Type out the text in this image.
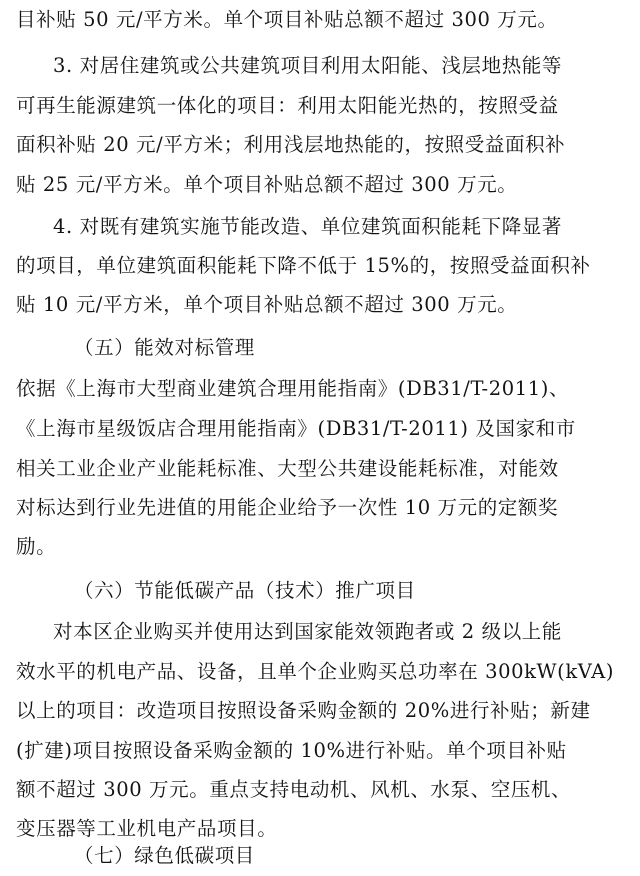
目补贴 50 元/平方米。单个项目补贴总额不超过 300 万元。
3. 对居住建筑或公共建筑项目利用太阳能、浅层地热能等
可再生能源建筑一体化的项目：利用太阳能光热的，按照受益
面积补贴 20 元/平方米；利用浅层地热能的，按照受益面积补
贴 25 元/平方米。单个项目补贴总额不超过 300 万元。
4. 对既有建筑实施节能改造、单位建筑面积能耗下降显著
的项目，单位建筑面积能耗下降不低于 15%的，按照受益面积补
贴 10 元/平方米，单个项目补贴总额不超过 300 万元。
（五）能效对标管理
依据《上海市大型商业建筑合理用能指南》(DB31/T-2011)、
《上海市星级饭店合理用能指南》(DB31/T-2011) 及国家和市
相关工业企业产业能耗标准、大型公共建设能耗标准，对能效
对标达到行业先进值的用能企业给予一次性 10 万元的定额奖
励。
（六）节能低碳产品（技术）推广项目
对本区企业购买并使用达到国家能效领跑者或 2 级以上能
效水平的机电产品、设备，且单个企业购买总功率在 300kW(kVA)
以上的项目：改造项目按照设备采购金额的 20%进行补贴；新建
(扩建)项目按照设备采购金额的 10%进行补贴。单个项目补贴
额不超过 300 万元。重点支持电动机、风机、水泵、空压机、
变压器等工业机电产品项目。
（七）绿色低碳项目
